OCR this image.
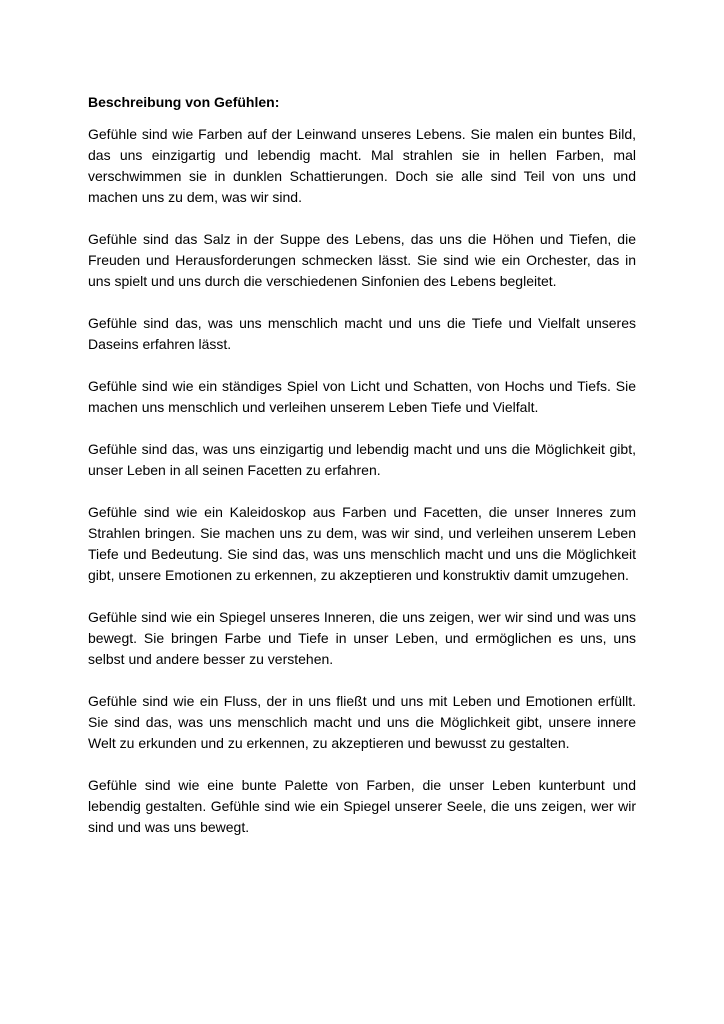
Beschreibung von Gefühlen:

Gefühle sind wie Farben auf der Leinwand unseres Lebens. Sie malen ein buntes Bild, das uns einzigartig und lebendig macht. Mal strahlen sie in hellen Farben, mal verschwimmen sie in dunklen Schattierungen. Doch sie alle sind Teil von uns und machen uns zu dem, was wir sind.

Gefühle sind das Salz in der Suppe des Lebens, das uns die Höhen und Tiefen, die Freuden und Herausforderungen schmecken lässt. Sie sind wie ein Orchester, das in uns spielt und uns durch die verschiedenen Sinfonien des Lebens begleitet.

Gefühle sind das, was uns menschlich macht und uns die Tiefe und Vielfalt unseres Daseins erfahren lässt.

Gefühle sind wie ein ständiges Spiel von Licht und Schatten, von Hochs und Tiefs. Sie machen uns menschlich und verleihen unserem Leben Tiefe und Vielfalt.

Gefühle sind das, was uns einzigartig und lebendig macht und uns die Möglichkeit gibt, unser Leben in all seinen Facetten zu erfahren.

Gefühle sind wie ein Kaleidoskop aus Farben und Facetten, die unser Inneres zum Strahlen bringen. Sie machen uns zu dem, was wir sind, und verleihen unserem Leben Tiefe und Bedeutung. Sie sind das, was uns menschlich macht und uns die Möglichkeit gibt, unsere Emotionen zu erkennen, zu akzeptieren und konstruktiv damit umzugehen.

Gefühle sind wie ein Spiegel unseres Inneren, die uns zeigen, wer wir sind und was uns bewegt. Sie bringen Farbe und Tiefe in unser Leben, und ermöglichen es uns, uns selbst und andere besser zu verstehen.

Gefühle sind wie ein Fluss, der in uns fließt und uns mit Leben und Emotionen erfüllt. Sie sind das, was uns menschlich macht und uns die Möglichkeit gibt, unsere innere Welt zu erkunden und zu erkennen, zu akzeptieren und bewusst zu gestalten.

Gefühle sind wie eine bunte Palette von Farben, die unser Leben kunterbunt und lebendig gestalten. Gefühle sind wie ein Spiegel unserer Seele, die uns zeigen, wer wir sind und was uns bewegt.
